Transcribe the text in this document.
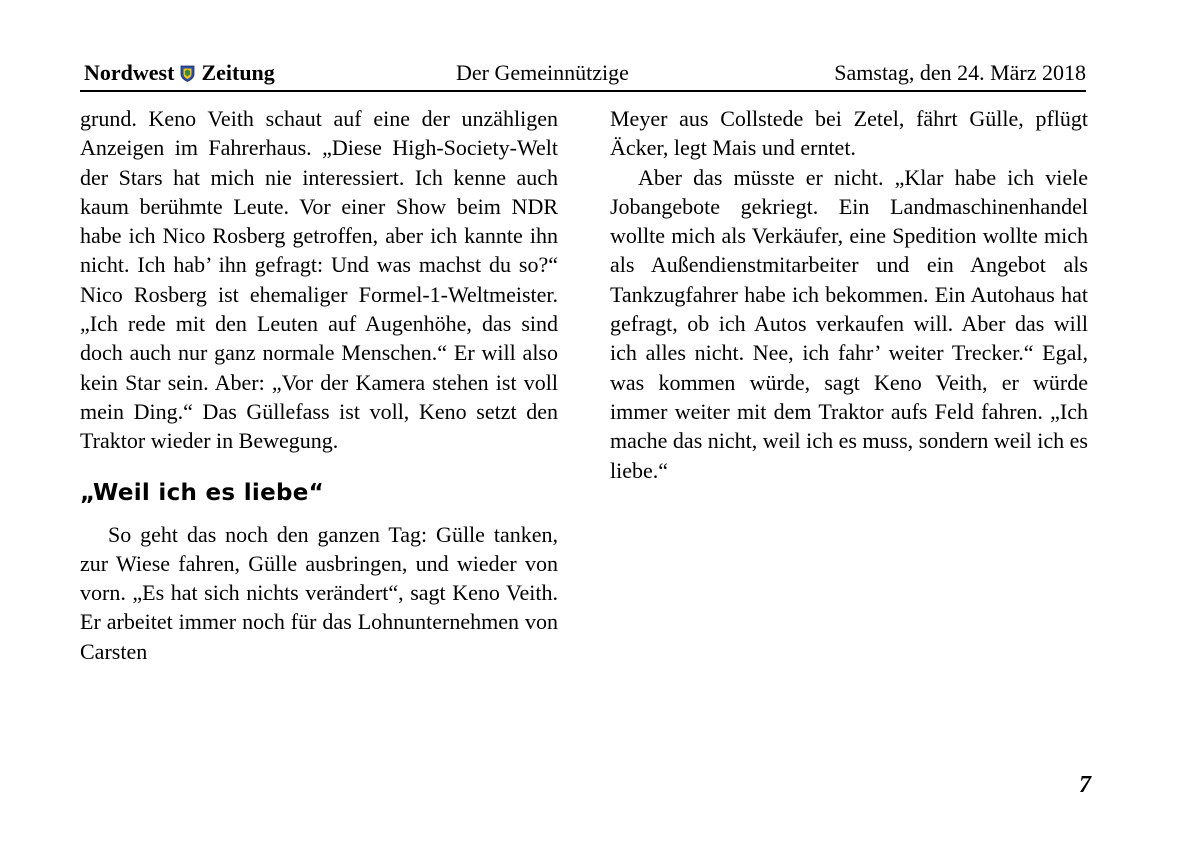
Nordwest Zeitung	Der Gemeinnützige	Samstag, den 24. März 2018

grund. Keno Veith schaut auf eine der unzähligen Anzeigen im Fahrerhaus. „Diese High-Society-Welt der Stars hat mich nie interessiert. Ich kenne auch kaum berühmte Leute. Vor einer Show beim NDR habe ich Nico Rosberg getroffen, aber ich kannte ihn nicht. Ich hab’ ihn gefragt: Und was machst du so?“ Nico Rosberg ist ehemaliger Formel-1-Weltmeister. „Ich rede mit den Leuten auf Augenhöhe, das sind doch auch nur ganz normale Menschen.“ Er will also kein Star sein. Aber: „Vor der Kamera stehen ist voll mein Ding.“ Das Güllefass ist voll, Keno setzt den Traktor wieder in Bewegung.

„Weil ich es liebe“

So geht das noch den ganzen Tag: Gülle tanken, zur Wiese fahren, Gülle ausbringen, und wieder von vorn. „Es hat sich nichts verändert“, sagt Keno Veith. Er arbeitet immer noch für das Lohnunternehmen von Carsten

Meyer aus Collstede bei Zetel, fährt Gülle, pflügt Äcker, legt Mais und erntet.

Aber das müsste er nicht. „Klar habe ich viele Jobangebote gekriegt. Ein Landmaschinenhandel wollte mich als Verkäufer, eine Spedition wollte mich als Außendienstmitarbeiter und ein Angebot als Tankzugfahrer habe ich bekommen. Ein Autohaus hat gefragt, ob ich Autos verkaufen will. Aber das will ich alles nicht. Nee, ich fahr’ weiter Trecker.“ Egal, was kommen würde, sagt Keno Veith, er würde immer weiter mit dem Traktor aufs Feld fahren. „Ich mache das nicht, weil ich es muss, sondern weil ich es liebe.“

7
